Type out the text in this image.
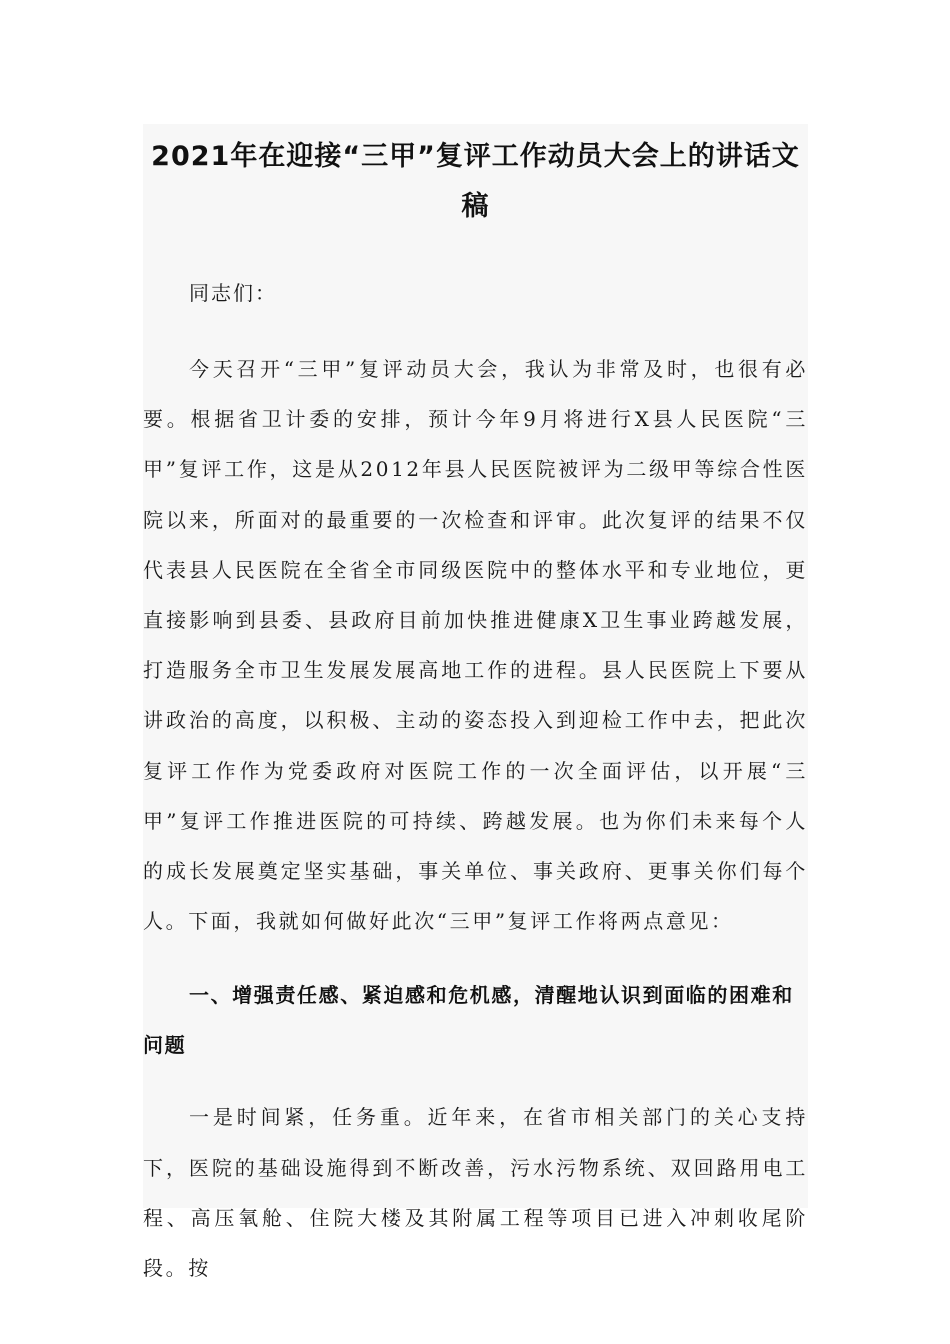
2021年在迎接“三甲”复评工作动员大会上的讲话文稿

同志们：

今天召开“三甲”复评动员大会，我认为非常及时，也很有必要。根据省卫计委的安排，预计今年9月将进行X县人民医院“三甲”复评工作，这是从2012年县人民医院被评为二级甲等综合性医院以来，所面对的最重要的一次检查和评审。此次复评的结果不仅代表县人民医院在全省全市同级医院中的整体水平和专业地位，更直接影响到县委、县政府目前加快推进健康X卫生事业跨越发展，打造服务全市卫生发展发展高地工作的进程。县人民医院上下要从讲政治的高度，以积极、主动的姿态投入到迎检工作中去，把此次复评工作作为党委政府对医院工作的一次全面评估，以开展“三甲”复评工作推进医院的可持续、跨越发展。也为你们未来每个人的成长发展奠定坚实基础，事关单位、事关政府、更事关你们每个人。下面，我就如何做好此次“三甲”复评工作将两点意见：

一、增强责任感、紧迫感和危机感，清醒地认识到面临的困难和问题

一是时间紧，任务重。近年来，在省市相关部门的关心支持下，医院的基础设施得到不断改善，污水污物系统、双回路用电工程、高压氧舱、住院大楼及其附属工程等项目已进入冲刺收尾阶段。按
